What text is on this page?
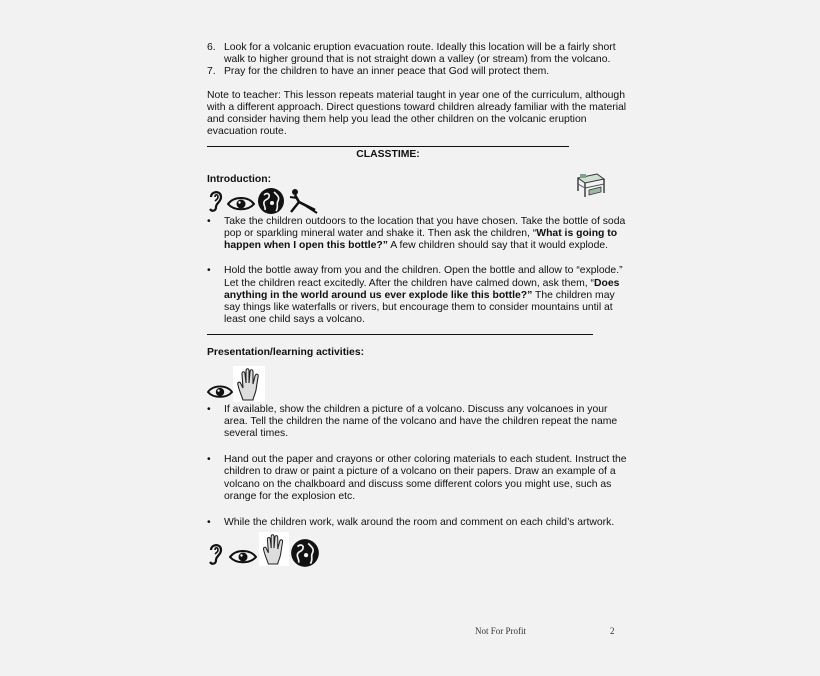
6. Look for a volcanic eruption evacuation route. Ideally this location will be a fairly short walk to higher ground that is not straight down a valley (or stream) from the volcano.

7. Pray for the children to have an inner peace that God will protect them.

Note to teacher: This lesson repeats material taught in year one of the curriculum, although with a different approach. Direct questions toward children already familiar with the material and consider having them help you lead the other children on the volcanic eruption evacuation route.

CLASSTIME:

Introduction:

• Take the children outdoors to the location that you have chosen. Take the bottle of soda pop or sparkling mineral water and shake it. Then ask the children, “What is going to happen when I open this bottle?” A few children should say that it would explode.

• Hold the bottle away from you and the children. Open the bottle and allow to “explode.” Let the children react excitedly. After the children have calmed down, ask them, “Does anything in the world around us ever explode like this bottle?” The children may say things like waterfalls or rivers, but encourage them to consider mountains until at least one child says a volcano.

Presentation/learning activities:

• If available, show the children a picture of a volcano. Discuss any volcanoes in your area. Tell the children the name of the volcano and have the children repeat the name several times.

• Hand out the paper and crayons or other coloring materials to each student. Instruct the children to draw or paint a picture of a volcano on their papers. Draw an example of a volcano on the chalkboard and discuss some different colors you might use, such as orange for the explosion etc.

• While the children work, walk around the room and comment on each child’s artwork.

Not For Profit	2
